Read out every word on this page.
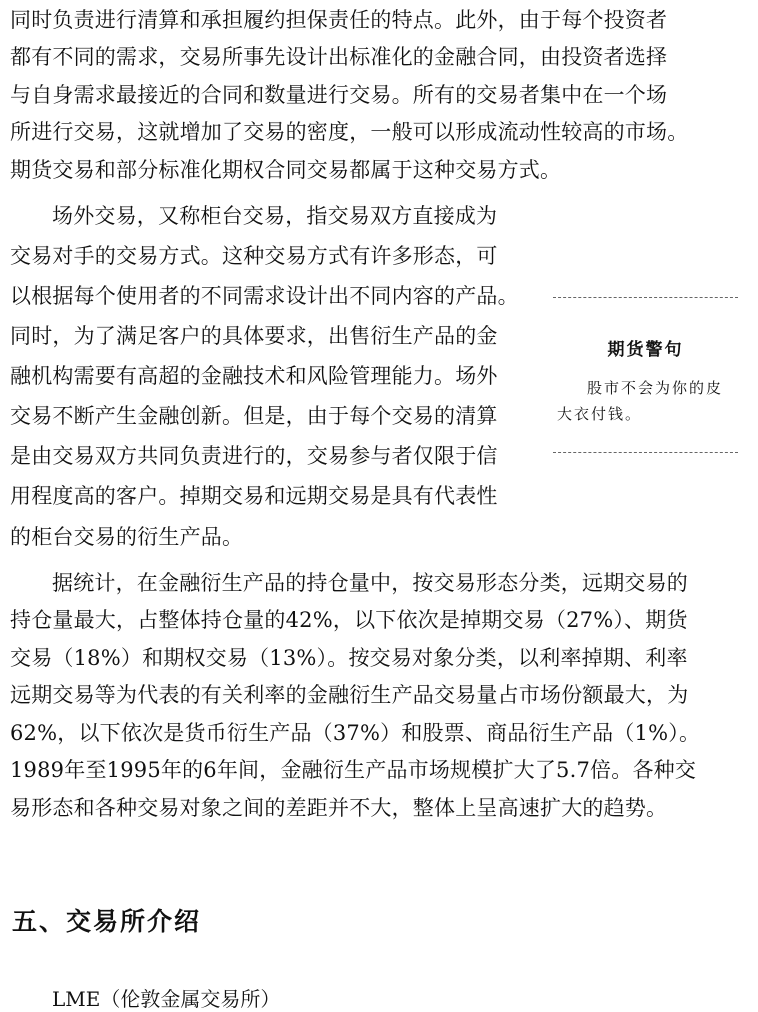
同时负责进行清算和承担履约担保责任的特点。此外，由于每个投资者
都有不同的需求，交易所事先设计出标准化的金融合同，由投资者选择
与自身需求最接近的合同和数量进行交易。所有的交易者集中在一个场
所进行交易，这就增加了交易的密度，一般可以形成流动性较高的市场。
期货交易和部分标准化期权合同交易都属于这种交易方式。
场外交易，又称柜台交易，指交易双方直接成为
交易对手的交易方式。这种交易方式有许多形态，可
以根据每个使用者的不同需求设计出不同内容的产品。
同时，为了满足客户的具体要求，出售衍生产品的金
融机构需要有高超的金融技术和风险管理能力。场外
交易不断产生金融创新。但是，由于每个交易的清算
是由交易双方共同负责进行的，交易参与者仅限于信
用程度高的客户。掉期交易和远期交易是具有代表性
的柜台交易的衍生产品。
期货警句
股市不会为你的皮
大衣付钱。
据统计，在金融衍生产品的持仓量中，按交易形态分类，远期交易的
持仓量最大，占整体持仓量的42%，以下依次是掉期交易（27%）、期货
交易（18%）和期权交易（13%）。按交易对象分类，以利率掉期、利率
远期交易等为代表的有关利率的金融衍生产品交易量占市场份额最大，为
62%，以下依次是货币衍生产品（37%）和股票、商品衍生产品（1%）。
1989年至1995年的6年间，金融衍生产品市场规模扩大了5.7倍。各种交
易形态和各种交易对象之间的差距并不大，整体上呈高速扩大的趋势。
五、交易所介绍
LME（伦敦金属交易所）
